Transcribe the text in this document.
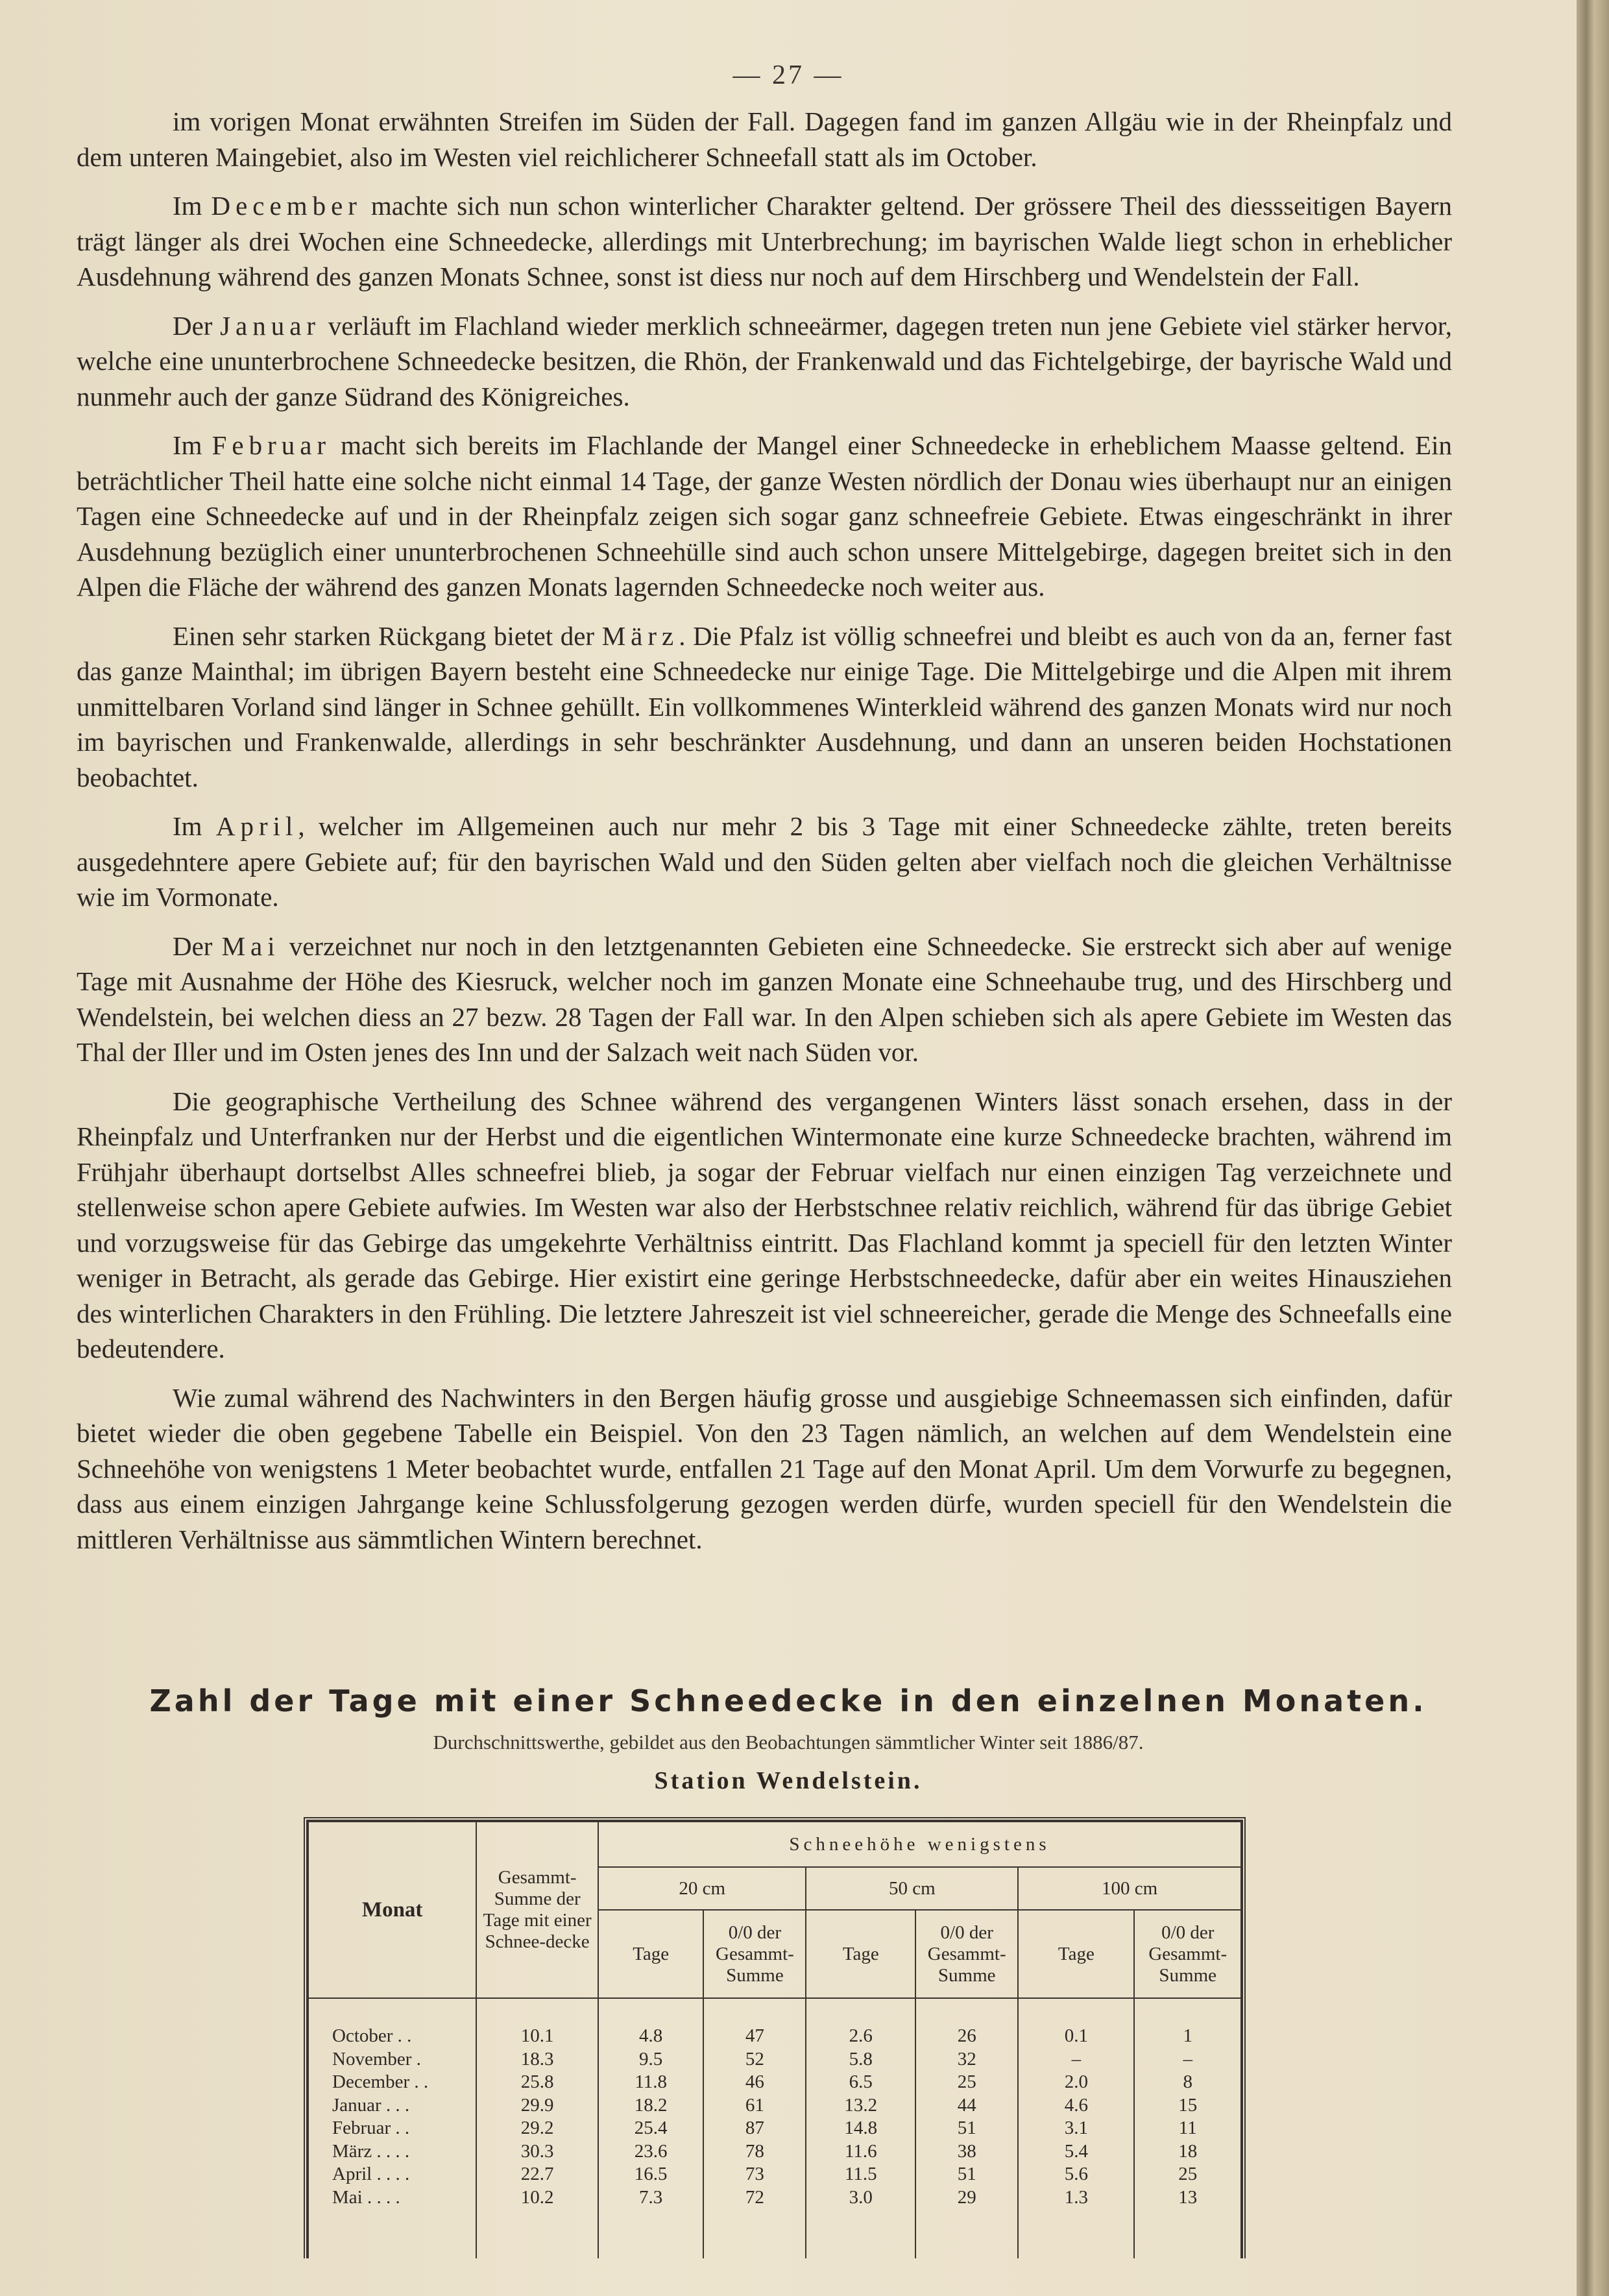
— 27 —

im vorigen Monat erwähnten Streifen im Süden der Fall. Dagegen fand im ganzen Allgäu wie in der Rheinpfalz und dem unteren Maingebiet, also im Westen viel reichlicherer Schneefall statt als im October.

Im December machte sich nun schon winterlicher Charakter geltend. Der grössere Theil des diessseitigen Bayern trägt länger als drei Wochen eine Schneedecke, allerdings mit Unterbrechung; im bayrischen Walde liegt schon in erheblicher Ausdehnung während des ganzen Monats Schnee, sonst ist diess nur noch auf dem Hirschberg und Wendelstein der Fall.

Der Januar verläuft im Flachland wieder merklich schneeärmer, dagegen treten nun jene Gebiete viel stärker hervor, welche eine ununterbrochene Schneedecke besitzen, die Rhön, der Frankenwald und das Fichtelgebirge, der bayrische Wald und nunmehr auch der ganze Südrand des Königreiches.

Im Februar macht sich bereits im Flachlande der Mangel einer Schneedecke in erheblichem Maasse geltend. Ein beträchtlicher Theil hatte eine solche nicht einmal 14 Tage, der ganze Westen nördlich der Donau wies überhaupt nur an einigen Tagen eine Schneedecke auf und in der Rheinpfalz zeigen sich sogar ganz schneefreie Gebiete. Etwas eingeschränkt in ihrer Ausdehnung bezüglich einer ununterbrochenen Schneehülle sind auch schon unsere Mittelgebirge, dagegen breitet sich in den Alpen die Fläche der während des ganzen Monats lagernden Schneedecke noch weiter aus.

Einen sehr starken Rückgang bietet der März. Die Pfalz ist völlig schneefrei und bleibt es auch von da an, ferner fast das ganze Mainthal; im übrigen Bayern besteht eine Schneedecke nur einige Tage. Die Mittelgebirge und die Alpen mit ihrem unmittelbaren Vorland sind länger in Schnee gehüllt. Ein vollkommenes Winterkleid während des ganzen Monats wird nur noch im bayrischen und Frankenwalde, allerdings in sehr beschränkter Ausdehnung, und dann an unseren beiden Hochstationen beobachtet.

Im April, welcher im Allgemeinen auch nur mehr 2 bis 3 Tage mit einer Schneedecke zählte, treten bereits ausgedehntere apere Gebiete auf; für den bayrischen Wald und den Süden gelten aber vielfach noch die gleichen Verhältnisse wie im Vormonate.

Der Mai verzeichnet nur noch in den letztgenannten Gebieten eine Schneedecke. Sie erstreckt sich aber auf wenige Tage mit Ausnahme der Höhe des Kiesruck, welcher noch im ganzen Monate eine Schneehaube trug, und des Hirschberg und Wendelstein, bei welchen diess an 27 bezw. 28 Tagen der Fall war. In den Alpen schieben sich als apere Gebiete im Westen das Thal der Iller und im Osten jenes des Inn und der Salzach weit nach Süden vor.

Die geographische Vertheilung des Schnee während des vergangenen Winters lässt sonach ersehen, dass in der Rheinpfalz und Unterfranken nur der Herbst und die eigentlichen Wintermonate eine kurze Schneedecke brachten, während im Frühjahr überhaupt dortselbst Alles schneefrei blieb, ja sogar der Februar vielfach nur einen einzigen Tag verzeichnete und stellenweise schon apere Gebiete aufwies. Im Westen war also der Herbstschnee relativ reichlich, während für das übrige Gebiet und vorzugsweise für das Gebirge das umgekehrte Verhältniss eintritt. Das Flachland kommt ja speciell für den letzten Winter weniger in Betracht, als gerade das Gebirge. Hier existirt eine geringe Herbstschneedecke, dafür aber ein weites Hinausziehen des winterlichen Charakters in den Frühling. Die letztere Jahreszeit ist viel schneereicher, gerade die Menge des Schneefalls eine bedeutendere.

Wie zumal während des Nachwinters in den Bergen häufig grosse und ausgiebige Schneemassen sich einfinden, dafür bietet wieder die oben gegebene Tabelle ein Beispiel. Von den 23 Tagen nämlich, an welchen auf dem Wendelstein eine Schneehöhe von wenigstens 1 Meter beobachtet wurde, entfallen 21 Tage auf den Monat April. Um dem Vorwurfe zu begegnen, dass aus einem einzigen Jahrgange keine Schlussfolgerung gezogen werden dürfe, wurden speciell für den Wendelstein die mittleren Verhältnisse aus sämmtlichen Wintern berechnet.

Zahl der Tage mit einer Schneedecke in den einzelnen Monaten.
Durchschnittswerthe, gebildet aus den Beobachtungen sämmtlicher Winter seit 1886/87.
Station Wendelstein.
Monat	Gesammt-Summe der Tage mit einer Schnee-decke	Schneehöhe wenigstens					
		20 cm		50 cm		100 cm	
		Tage	0/0 der Gesammt-Summe	Tage	0/0 der Gesammt-Summe	Tage	0/0 der Gesammt-Summe

October . .	10.1	4.8	47	2.6	26	0.1	1
November .	18.3	9.5	52	5.8	32	–	–
December . .	25.8	11.8	46	6.5	25	2.0	8
Januar . . .	29.9	18.2	61	13.2	44	4.6	15
Februar . .	29.2	25.4	87	14.8	51	3.1	11
März . . . .	30.3	23.6	78	11.6	38	5.4	18
April . . . .	22.7	16.5	73	11.5	51	5.6	25
Mai . . . .	10.2	7.3	72	3.0	29	1.3	13
